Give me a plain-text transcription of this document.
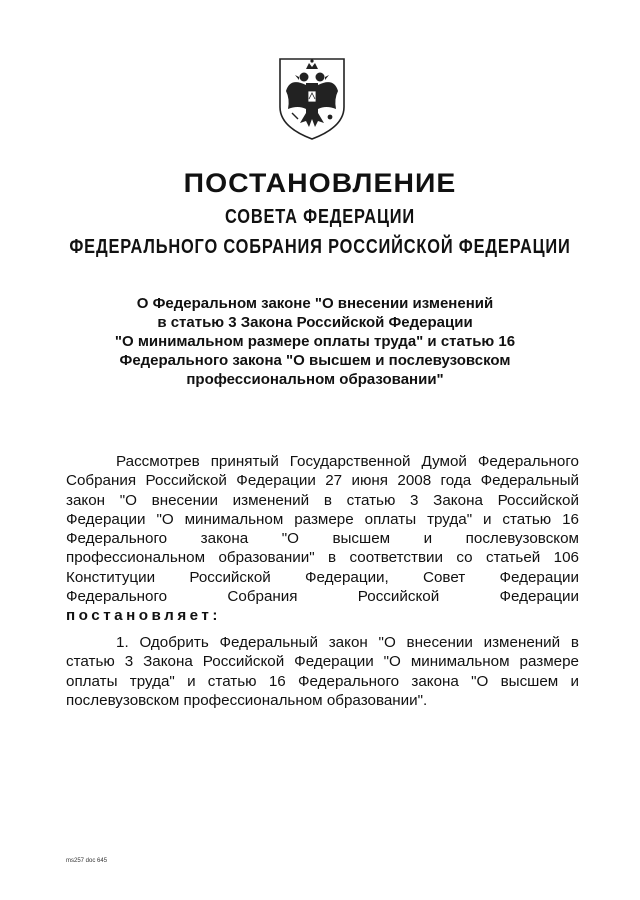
ПОСТАНОВЛЕНИЕ
СОВЕТА ФЕДЕРАЦИИ
ФЕДЕРАЛЬНОГО СОБРАНИЯ РОССИЙСКОЙ ФЕДЕРАЦИИ
О Федеральном законе "О внесении изменений
в статью 3 Закона Российской Федерации
"О минимальном размере оплаты труда" и статью 16
Федерального закона "О высшем и послевузовском
профессиональном образовании"
Рассмотрев принятый Государственной Думой Федерального
Собрания Российской Федерации 27 июня 2008 года Федеральный
закон "О внесении изменений в статью 3 Закона Российской
Федерации "О минимальном размере оплаты труда" и статью 16
Федерального закона "О высшем и послевузовском
профессиональном образовании" в соответствии со статьей 106
Конституции Российской Федерации, Совет Федерации
Федерального Собрания Российской Федерации
постановляет:
1. Одобрить Федеральный закон "О внесении изменений в
статью 3 Закона Российской Федерации "О минимальном размере
оплаты труда" и статью 16 Федерального закона "О высшем и
послевузовском профессиональном образовании".
ms257 doc 645
